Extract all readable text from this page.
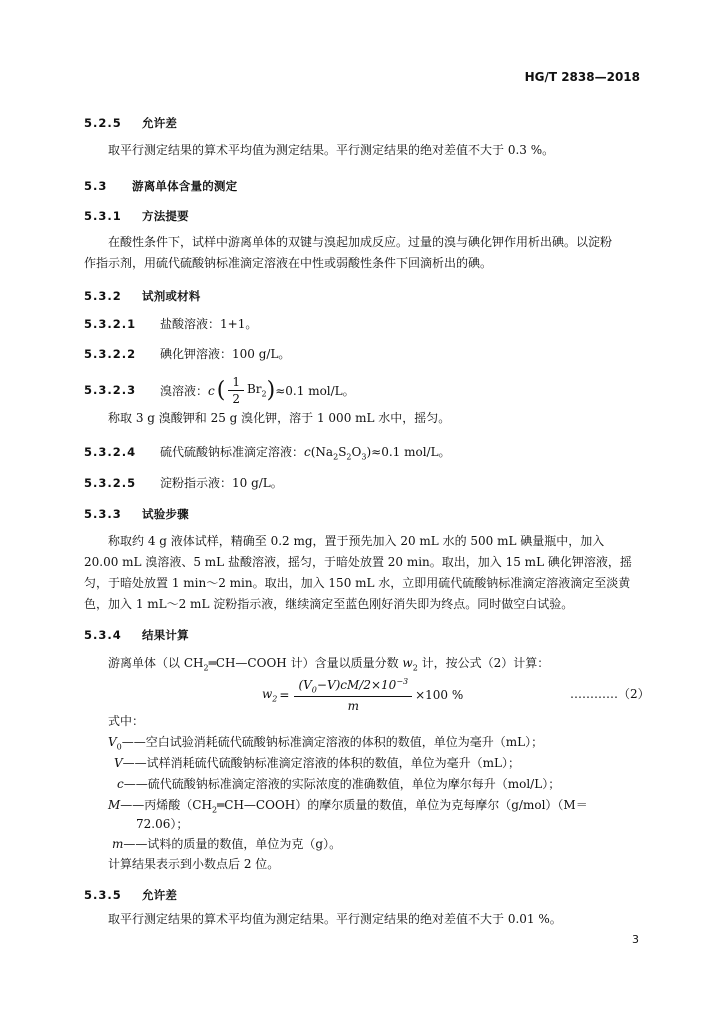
HG/T 2838—2018
5.2.5 允许差
取平行测定结果的算术平均值为测定结果。平行测定结果的绝对差值不大于 0.3 %。
5.3 游离单体含量的测定
5.3.1 方法提要
在酸性条件下，试样中游离单体的双键与溴起加成反应。过量的溴与碘化钾作用析出碘。以淀粉
作指示剂，用硫代硫酸钠标准滴定溶液在中性或弱酸性条件下回滴析出的碘。
5.3.2 试剂或材料
5.3.2.1 盐酸溶液：1+1。
5.3.2.2 碘化钾溶液：100 g/L。
5.3.2.3	溴溶液： c ( $\frac{1}{2} Br_2$ ) ≈0.1 mol/L。
称取 3 g 溴酸钾和 25 g 溴化钾，溶于 1 000 mL 水中，摇匀。
5.3.2.4 硫代硫酸钠标准滴定溶液：$c(Na_2S_2O_3)\approx 0.1$ mol/L。
5.3.2.5 淀粉指示液：10 g/L。
5.3.3 试验步骤
称取约 4 g 液体试样，精确至 0.2 mg，置于预先加入 20 mL 水的 500 mL 碘量瓶中，加入
20.00 mL 溴溶液、5 mL 盐酸溶液，摇匀，于暗处放置 20 min。取出，加入 15 mL 碘化钾溶液，摇
匀，于暗处放置 1 min～2 min。取出，加入 150 mL 水，立即用硫代硫酸钠标准滴定溶液滴定至淡黄
色，加入 1 mL～2 mL 淀粉指示液，继续滴定至蓝色刚好消失即为终点。同时做空白试验。
5.3.4 结果计算
游离单体（以 $CH_2═CH—COOH$ 计）含量以质量分数 $w_2$ 计，按公式（2）计算：
$w_2 = \frac{(V_0-V)cM/2\times 10^{-3}}{m} \times 100$ %	…………（2）
式中：
$V_0——$空白试验消耗硫代硫酸钠标准滴定溶液的体积的数值，单位为毫升（mL）；
V——试样消耗硫代硫酸钠标准滴定溶液的体积的数值，单位为毫升（mL）；
c——硫代硫酸钠标准滴定溶液的实际浓度的准确数值，单位为摩尔每升（mol/L）；
M——丙烯酸$(CH_2═CH—COOH)$的摩尔质量的数值，单位为克每摩尔（g/mol）（M＝
72.06）；
m——试料的质量的数值，单位为克（g）。
计算结果表示到小数点后 2 位。
5.3.5 允许差
取平行测定结果的算术平均值为测定结果。平行测定结果的绝对差值不大于 0.01 %。
3
